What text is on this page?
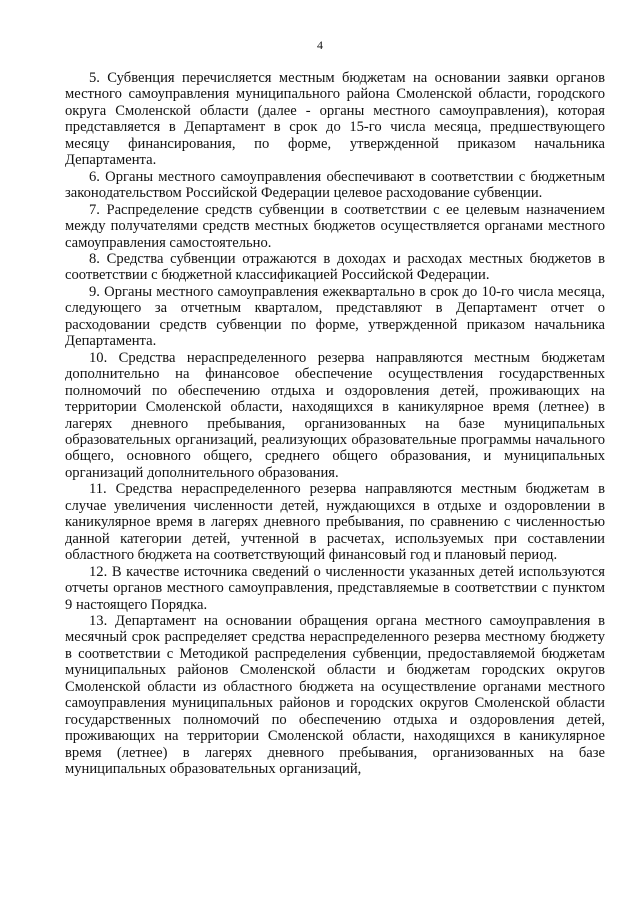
4

5. Субвенция перечисляется местным бюджетам на основании заявки органов местного самоуправления муниципального района Смоленской области, городского округа Смоленской области (далее - органы местного самоуправления), которая представляется в Департамент в срок до 15-го числа месяца, предшествующего месяцу финансирования, по форме, утвержденной приказом начальника Департамента.

6. Органы местного самоуправления обеспечивают в соответствии с бюджетным законодательством Российской Федерации целевое расходование субвенции.

7. Распределение средств субвенции в соответствии с ее целевым назначением между получателями средств местных бюджетов осуществляется органами местного самоуправления самостоятельно.

8. Средства субвенции отражаются в доходах и расходах местных бюджетов в соответствии с бюджетной классификацией Российской Федерации.

9. Органы местного самоуправления ежеквартально в срок до 10-го числа месяца, следующего за отчетным кварталом, представляют в Департамент отчет о расходовании средств субвенции по форме, утвержденной приказом начальника Департамента.

10. Средства нераспределенного резерва направляются местным бюджетам дополнительно на финансовое обеспечение осуществления государственных полномочий по обеспечению отдыха и оздоровления детей, проживающих на территории Смоленской области, находящихся в каникулярное время (летнее) в лагерях дневного пребывания, организованных на базе муниципальных образовательных организаций, реализующих образовательные программы начального общего, основного общего, среднего общего образования, и муниципальных организаций дополнительного образования.

11. Средства нераспределенного резерва направляются местным бюджетам в случае увеличения численности детей, нуждающихся в отдыхе и оздоровлении в каникулярное время в лагерях дневного пребывания, по сравнению с численностью данной категории детей, учтенной в расчетах, используемых при составлении областного бюджета на соответствующий финансовый год и плановый период.

12. В качестве источника сведений о численности указанных детей используются отчеты органов местного самоуправления, представляемые в соответствии с пунктом 9 настоящего Порядка.

13. Департамент на основании обращения органа местного самоуправления в месячный срок распределяет средства нераспределенного резерва местному бюджету в соответствии с Методикой распределения субвенции, предоставляемой бюджетам муниципальных районов Смоленской области и бюджетам городских округов Смоленской области из областного бюджета на осуществление органами местного самоуправления муниципальных районов и городских округов Смоленской области государственных полномочий по обеспечению отдыха и оздоровления детей, проживающих на территории Смоленской области, находящихся в каникулярное время (летнее) в лагерях дневного пребывания, организованных на базе муниципальных образовательных организаций,
